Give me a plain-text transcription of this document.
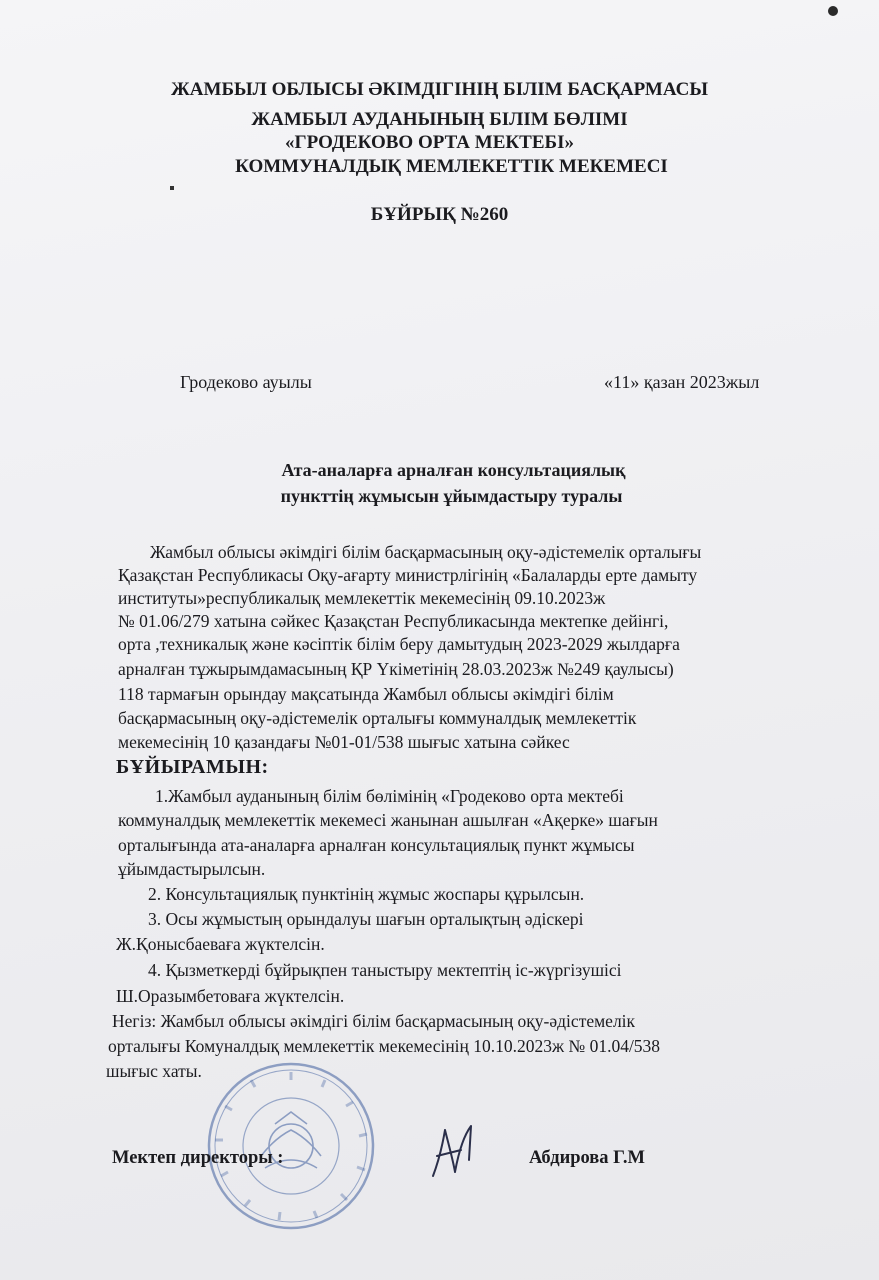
ЖАМБЫЛ ОБЛЫСЫ ӘКІМДІГІНІҢ БІЛІМ БАСҚАРМАСЫ
ЖАМБЫЛ АУДАНЫНЫҢ БІЛІМ БӨЛІМІ
«ГРОДЕКОВО ОРТА МЕКТЕБІ»
КОММУНАЛДЫҚ МЕМЛЕКЕТТІК МЕКЕМЕСІ
БҰЙРЫҚ №260
Гродеково ауылы	«11» қазан 2023жыл
Ата-аналарға арналған консультациялық
пункттің жұмысын ұйымдастыру туралы
Жамбыл облысы әкімдігі білім басқармасының оқу-әдістемелік орталығы
Қазақстан Республикасы Оқу-ағарту министрлігінің «Балаларды ерте дамыту
институты»республикалық мемлекеттік мекемесінің 09.10.2023ж
№ 01.06/279 хатына сәйкес Қазақстан Республикасында мектепке дейінгі,
орта ,техникалық және кәсіптік білім беру дамытудың 2023-2029 жылдарға
арналған тұжырымдамасының ҚР Үкіметінің 28.03.2023ж №249 қаулысы)
118 тармағын орындау мақсатында Жамбыл облысы әкімдігі білім
басқармасының оқу-әдістемелік орталығы коммуналдық мемлекеттік
мекемесінің 10 қазандағы №01-01/538 шығыс хатына сәйкес
БҰЙЫРАМЫН:
1.Жамбыл ауданының білім бөлімінің «Гродеково орта мектебі
коммуналдық мемлекеттік мекемесі жанынан ашылған «Ақерке» шағын
орталығында ата-аналарға арналған консультациялық пункт жұмысы
ұйымдастырылсын.
2. Консультациялық пунктінің жұмыс жоспары құрылсын.
3. Осы жұмыстың орындалуы шағын орталықтың әдіскері
Ж.Қонысбаеваға жүктелсін.
4. Қызметкерді бұйрықпен таныстыру мектептің іс-жүргізушісі
Ш.Оразымбетоваға жүктелсін.
Негіз: Жамбыл облысы әкімдігі білім басқармасының оқу-әдістемелік
орталығы Комуналдық мемлекеттік мекемесінің 10.10.2023ж № 01.04/538
шығыс хаты.
Мектеп директоры :	Абдирова Г.М
